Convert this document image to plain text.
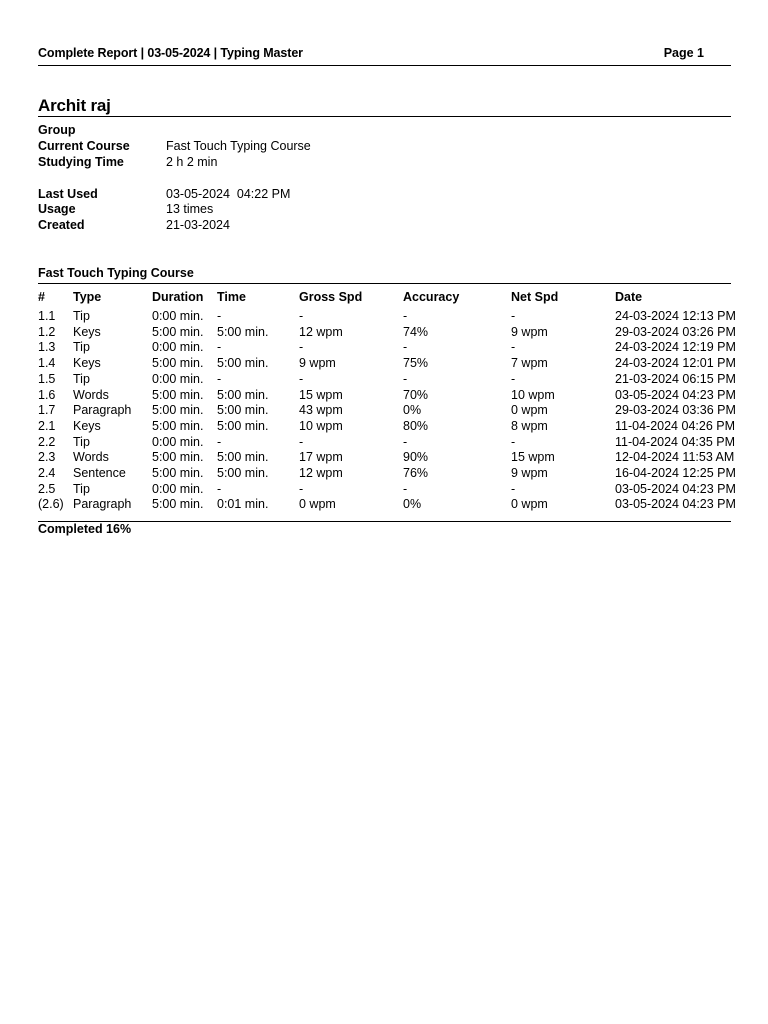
Complete Report | 03-05-2024 | Typing Master	Page 1
Archit raj
Group
Current Course	Fast Touch Typing Course
Studying Time	2 h 2 min
Last Used	03-05-2024  04:22 PM
Usage	13 times
Created	21-03-2024
Fast Touch Typing Course
# Type	Duration Time	Gross Spd	Accuracy	Net Spd	Date
1.1 Tip	0:00 min. -	-	-	-	24-03-2024 12:13 PM
1.2 Keys	5:00 min. 5:00 min. 12 wpm	74%	9 wpm	29-03-2024 03:26 PM
1.3 Tip	0:00 min. -	-	-	-	24-03-2024 12:19 PM
1.4 Keys	5:00 min. 5:00 min. 9 wpm	75%	7 wpm	24-03-2024 12:01 PM
1.5 Tip	0:00 min. -	-	-	-	21-03-2024 06:15 PM
1.6 Words	5:00 min. 5:00 min. 15 wpm	70%	10 wpm	03-05-2024 04:23 PM
1.7 Paragraph 5:00 min. 5:00 min. 43 wpm	0%	0 wpm	29-03-2024 03:36 PM
2.1 Keys	5:00 min. 5:00 min. 10 wpm	80%	8 wpm	11-04-2024 04:26 PM
2.2 Tip	0:00 min. -	-	-	-	11-04-2024 04:35 PM
2.3 Words	5:00 min. 5:00 min. 17 wpm	90%	15 wpm	12-04-2024 11:53 AM
2.4 Sentence 5:00 min. 5:00 min. 12 wpm	76%	9 wpm	16-04-2024 12:25 PM
2.5 Tip	0:00 min. -	-	-	-	03-05-2024 04:23 PM
(2.6) Paragraph 5:00 min. 0:01 min. 0 wpm	0%	0 wpm	03-05-2024 04:23 PM
Completed 16%
